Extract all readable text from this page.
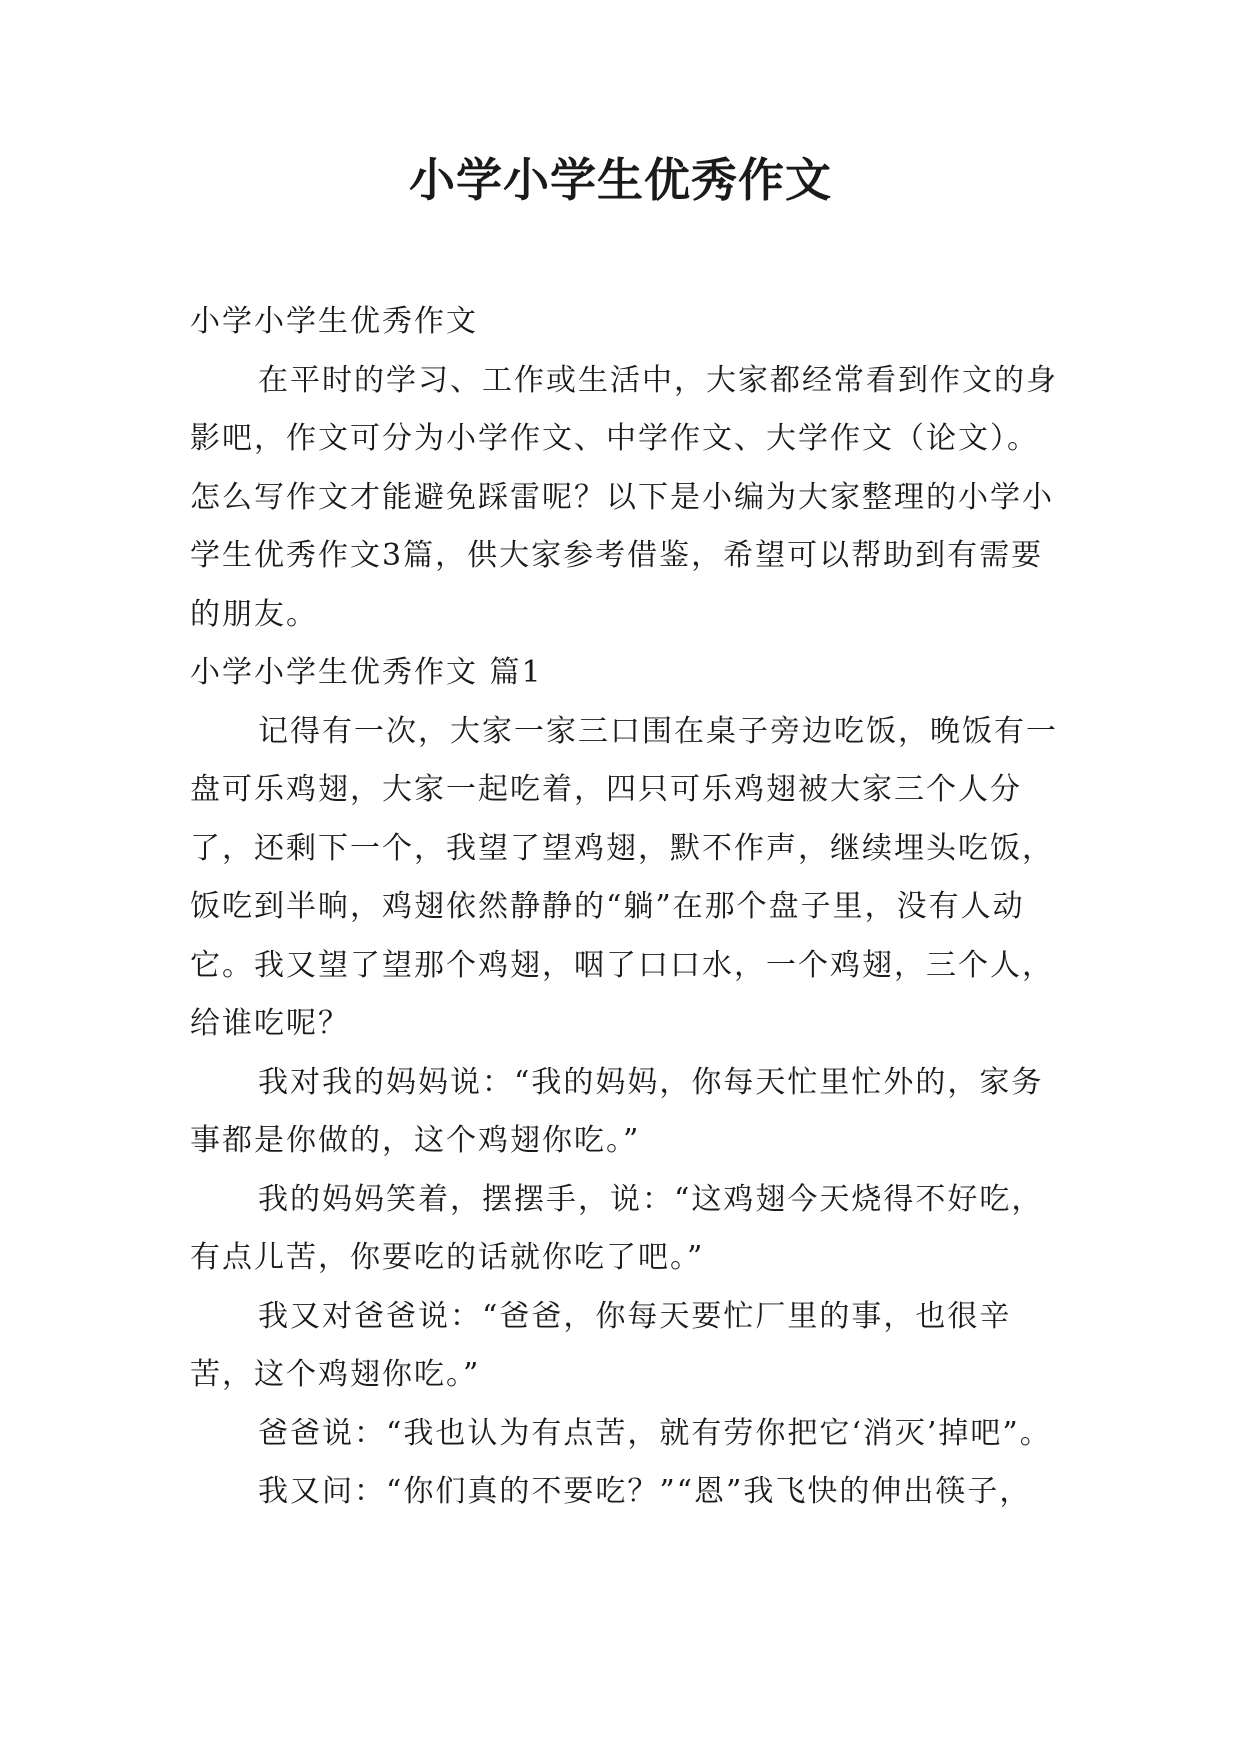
小学小学生优秀作文

小学小学生优秀作文

在平时的学习、工作或生活中，大家都经常看到作文的身影吧，作文可分为小学作文、中学作文、大学作文（论文）。怎么写作文才能避免踩雷呢？以下是小编为大家整理的小学小学生优秀作文3篇，供大家参考借鉴，希望可以帮助到有需要的朋友。

小学小学生优秀作文 篇1

记得有一次，大家一家三口围在桌子旁边吃饭，晚饭有一盘可乐鸡翅，大家一起吃着，四只可乐鸡翅被大家三个人分了，还剩下一个，我望了望鸡翅，默不作声，继续埋头吃饭，饭吃到半晌，鸡翅依然静静的“躺”在那个盘子里，没有人动它。我又望了望那个鸡翅，咽了口口水，一个鸡翅，三个人，给谁吃呢？

我对我的妈妈说：“我的妈妈，你每天忙里忙外的，家务事都是你做的，这个鸡翅你吃。”

我的妈妈笑着，摆摆手，说：“这鸡翅今天烧得不好吃，有点儿苦，你要吃的话就你吃了吧。”

我又对爸爸说：“爸爸，你每天要忙厂里的事，也很辛苦，这个鸡翅你吃。”

爸爸说：“我也认为有点苦，就有劳你把它‘消灭’掉吧”。

我又问：“你们真的不要吃？”“恩”我飞快的伸出筷子，
